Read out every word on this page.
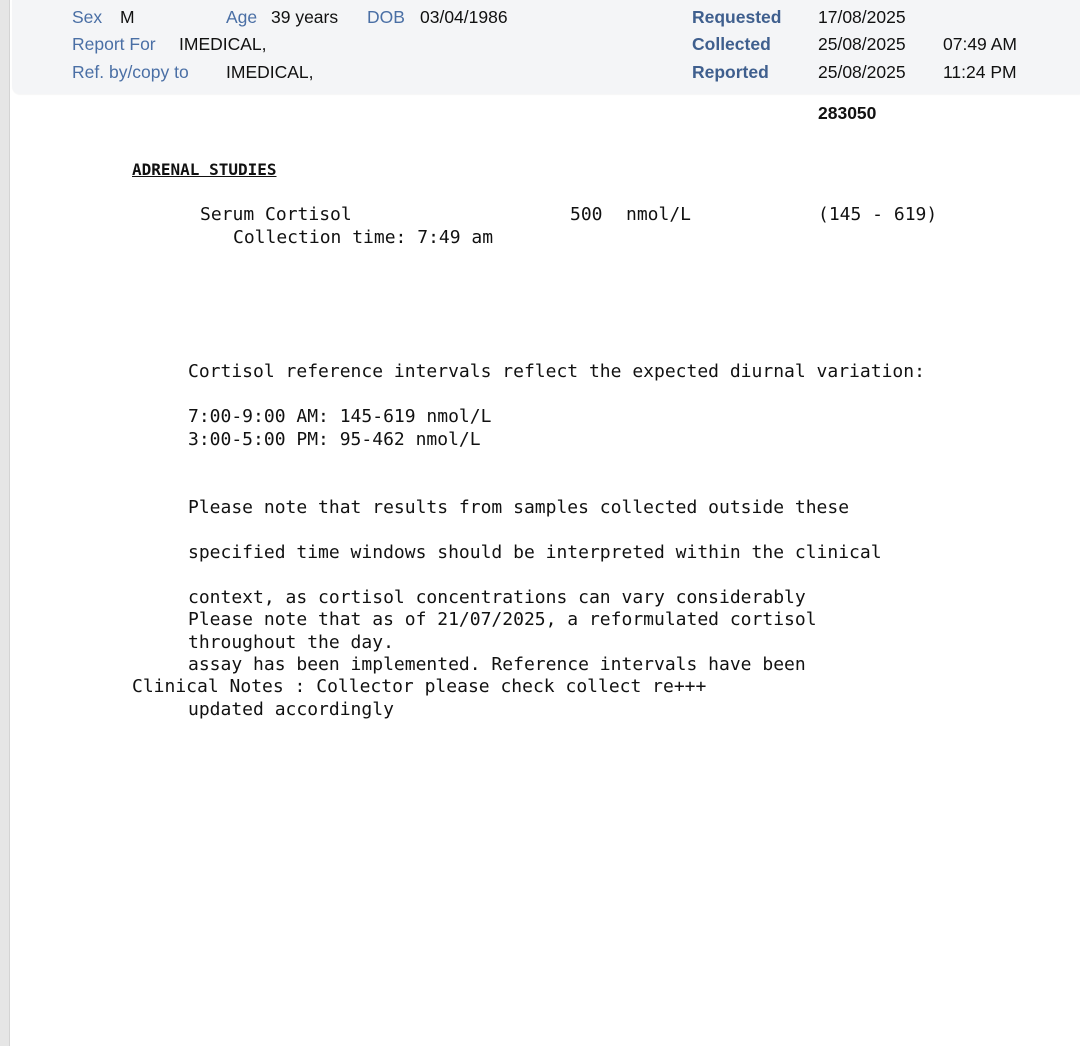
Sex M	Age 39 years DOB 03/04/1986	Requested 17/08/2025
Report For IMEDICAL,	Collected	25/08/2025 07:49 AM
Ref. by/copy to IMEDICAL,	Reported	25/08/2025 11:24 PM
283050
ADRENAL STUDIES
Serum Cortisol	500 nmol/L	(145 - 619)
Collection time: 7:49 am
Cortisol reference intervals reflect the expected diurnal variation:
7:00-9:00 AM: 145-619 nmol/L
3:00-5:00 PM: 95-462 nmol/L

Please note that results from samples collected outside these

specified time windows should be interpreted within the clinical

context, as cortisol concentrations can vary considerably

throughout the day.

Please note that as of 21/07/2025, a reformulated cortisol

assay has been implemented. Reference intervals have been

updated accordingly

Clinical Notes : Collector please check collect re+++
